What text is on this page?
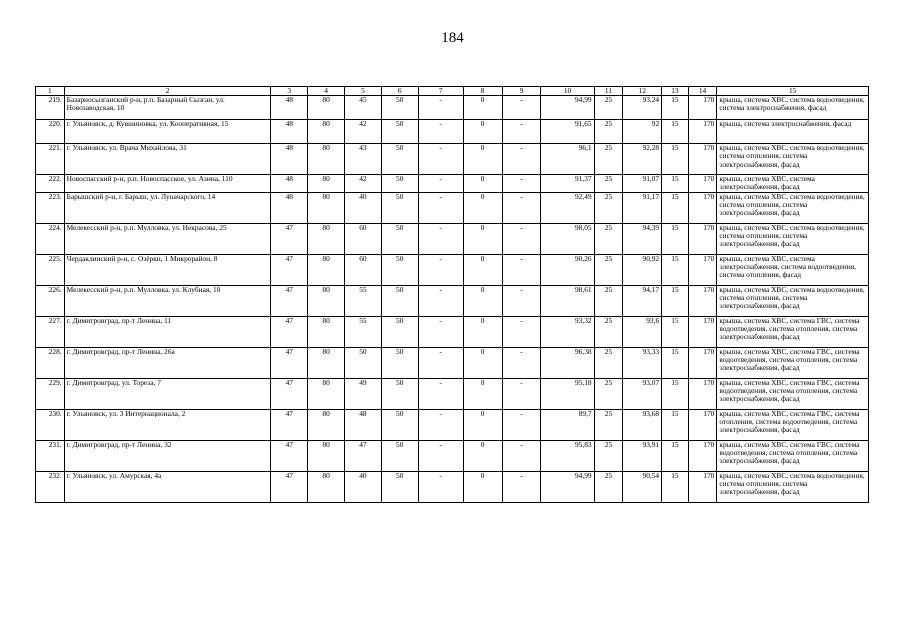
184
1	2	3	4	5	6	7	8	9	10	11	12	13	14	15
219.	Базарносызганский р-н, р.п. Базарный Сызган, ул. Новозаводская, 10	48	80	45	50	-	0	-	94,99	25	93,24	15	170	крыша, система ХВС, система водоотведения, система электроснабжения, фасад
220.	г. Ульяновск, д. Кувшиновка, ул. Кооперативная, 15	48	80	42	50	-	0	-	91,65	25	92	15	170	крыша, система электроснабжения, фасад
221.	г. Ульяновск, ул. Врача Михайлова, 31	48	80	43	50	-	0	-	96,1	25	92,28	15	170	крыша, система ХВС, система водоотведения, система отопления, система электроснабжения, фасад
222.	Новоспасский р-н, р.п. Новоспасское, ул. Азина, 110	48	80	42	50	-	0	-	91,37	25	91,07	15	170	крыша, система ХВС, система электроснабжения, фасад
223.	Барышский р-н, г. Барыш, ул. Луначарского, 14	48	80	40	50	-	0	-	92,49	25	91,17	15	170	крыша, система ХВС, система водоотведения, система отопления, система электроснабжения, фасад
224.	Мелекесский р-н, р.п. Мулловка, ул. Некрасова, 25	47	80	60	50	-	0	-	98,05	25	94,39	15	170	крыша, система ХВС, система водоотведения, система отопления, система электроснабжения, фасад
225.	Чердаклинский р-н, с. Озёрки, 1 Микрорайон, 8	47	80	60	50	-	0	-	90,26	25	90,92	15	170	крыша, система ХВС, система электроснабжения, система водоотведения, система отопления, фасад
226.	Мелекесский р-н, р.п. Мулловка, ул. Клубная, 10	47	80	55	50	-	0	-	98,61	25	94,17	15	170	крыша, система ХВС, система водоотведения, система отопления, система электроснабжения, фасад
227.	г. Димитровград, пр-т Ленина, 11	47	80	55	50	-	0	-	93,32	25	93,6	15	170	крыша, система ХВС, система ГВС, система водоотведения, система отопления, система электроснабжения, фасад
228.	г. Димитровград, пр-т Ленина, 26а	47	80	50	50	-	0	-	96,38	25	93,33	15	170	крыша, система ХВС, система ГВС, система водоотведения, система отопления, система электроснабжения, фасад
229.	г. Димитровград, ул. Тореза, 7	47	80	49	50	-	0	-	95,18	25	93,07	15	170	крыша, система ХВС, система ГВС, система водоотведения, система отопления, система электроснабжения, фасад
230.	г. Ульяновск, ул. 3 Интернационала, 2	47	80	48	50	-	0	-	89,7	25	93,68	15	170	крыша, система ХВС, система ГВС, система отопления, система водоотведения, система электроснабжения, фасад
231.	г. Димитровград, пр-т Ленина, 32	47	80	47	50	-	0	-	95,83	25	93,91	15	170	крыша, система ХВС, система ГВС, система водоотведения, система отопления, система электроснабжения, фасад
232.	г. Ульяновск, ул. Амурская, 4а	47	80	40	50	-	0	-	94,99	25	90,54	15	170	крыша, система ХВС, система водоотведения, система отопления, система электроснабжения, фасад
